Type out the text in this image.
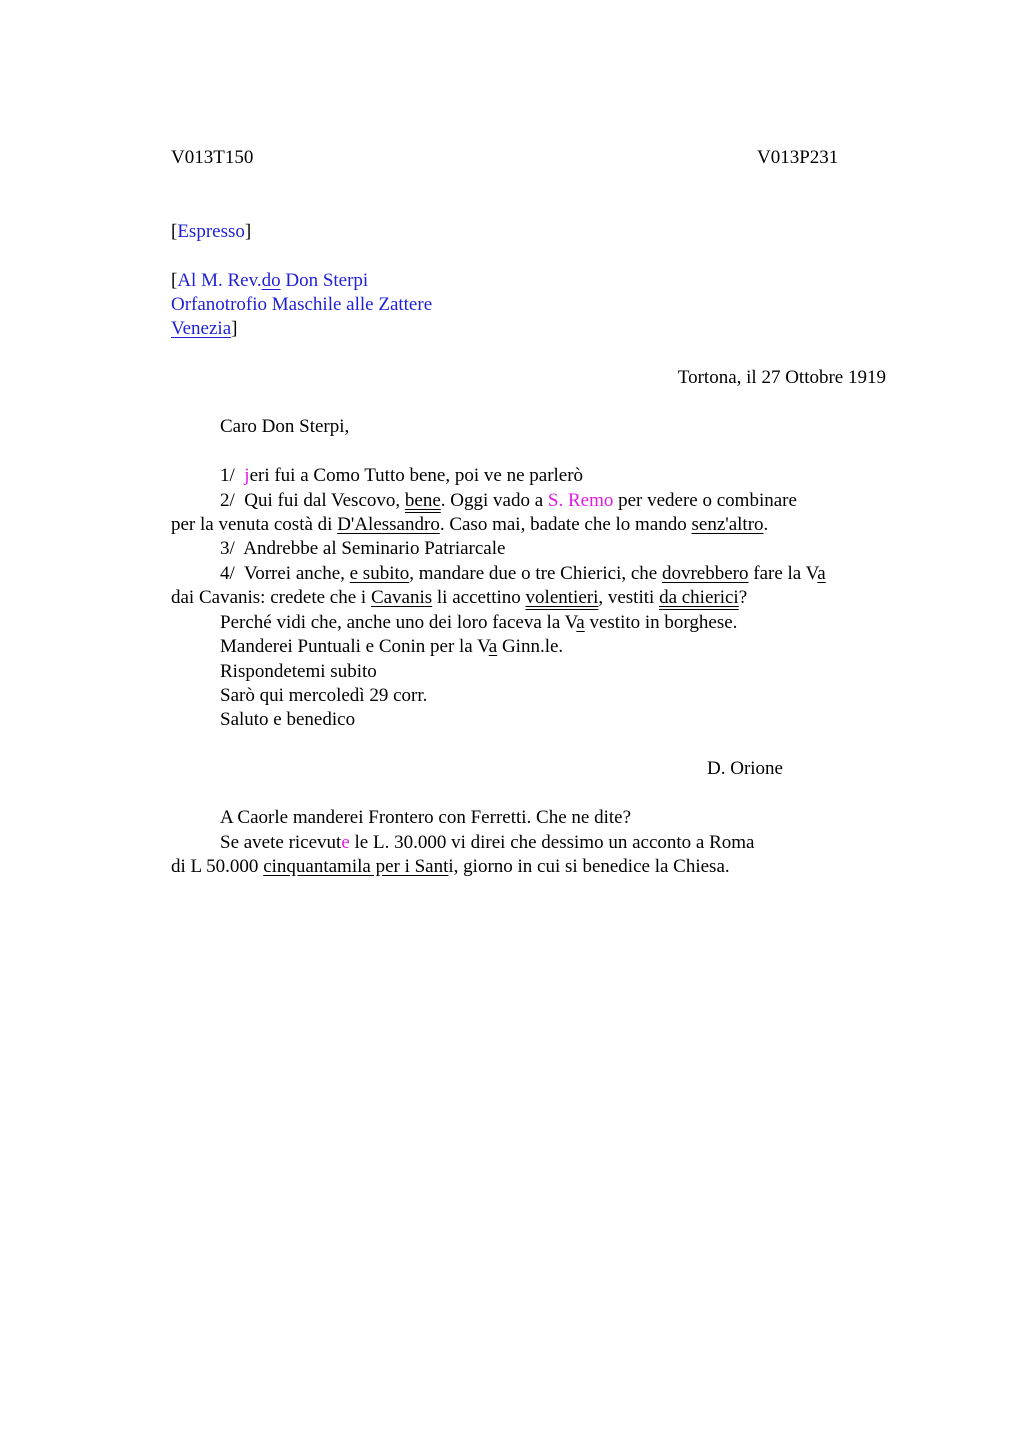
V013T150	V013P231

[Espresso]

[Al M. Rev.do Don Sterpi

Orfanotrofio Maschile alle Zattere

Venezia]

Tortona, il 27 Ottobre 1919

Caro Don Sterpi,

1/  jeri fui a Como Tutto bene, poi ve ne parlerò

2/  Qui fui dal Vescovo, bene. Oggi vado a S. Remo per vedere o combinare

per la venuta costà di D'Alessandro. Caso mai, badate che lo mando senz'altro.

3/  Andrebbe al Seminario Patriarcale

4/  Vorrei anche, e subito, mandare due o tre Chierici, che dovrebbero fare la Va

dai Cavanis: credete che i Cavanis li accettino volentieri, vestiti da chierici?

Perché vidi che, anche uno dei loro faceva la Va vestito in borghese.

Manderei Puntuali e Conin per la Va Ginn.le.

Rispondetemi subito

Sarò qui mercoledì 29 corr.

Saluto e benedico

D. Orione

A Caorle manderei Frontero con Ferretti. Che ne dite?

Se avete ricevute le L. 30.000 vi direi che dessimo un acconto a Roma

di L 50.000 cinquantamila per i Santi, giorno in cui si benedice la Chiesa.
